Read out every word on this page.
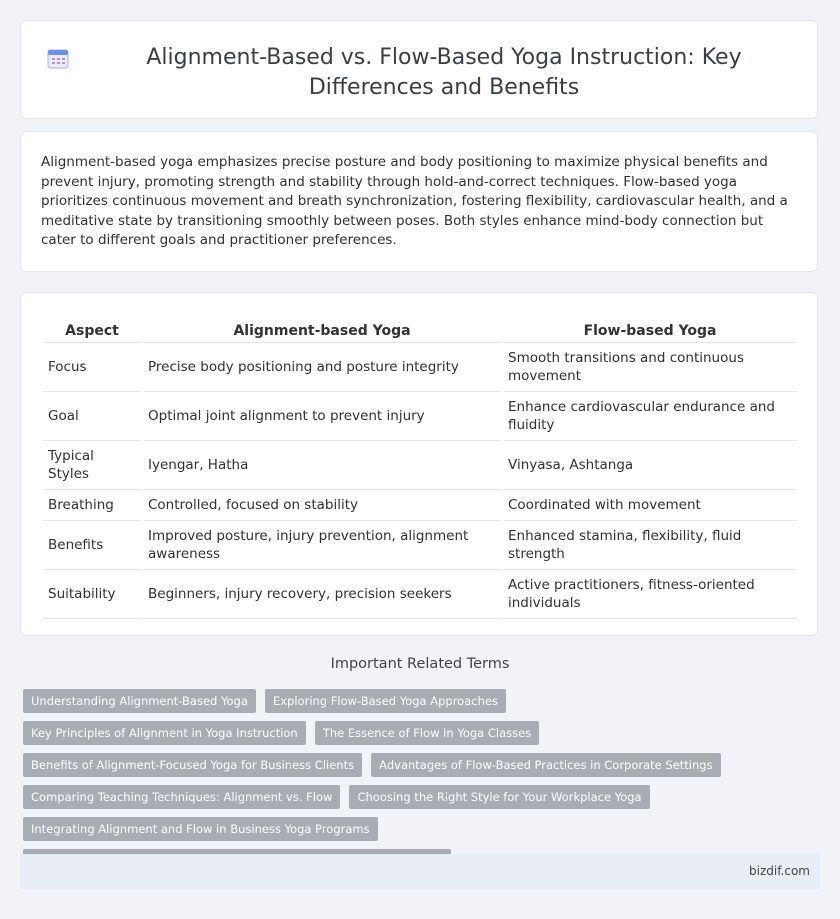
Alignment-Based vs. Flow-Based Yoga Instruction: Key Differences and Benefits

Alignment-based yoga emphasizes precise posture and body positioning to maximize physical benefits and prevent injury, promoting strength and stability through hold-and-correct techniques. Flow-based yoga prioritizes continuous movement and breath synchronization, fostering flexibility, cardiovascular health, and a meditative state by transitioning smoothly between poses. Both styles enhance mind-body connection but cater to different goals and practitioner preferences.

Aspect	Alignment-based Yoga	Flow-based Yoga
Focus	Precise body positioning and posture integrity	Smooth transitions and continuous movement
Goal	Optimal joint alignment to prevent injury	Enhance cardiovascular endurance and fluidity
Typical Styles	Iyengar, Hatha	Vinyasa, Ashtanga
Breathing	Controlled, focused on stability	Coordinated with movement
Benefits	Improved posture, injury prevention, alignment awareness	Enhanced stamina, flexibility, fluid strength
Suitability	Beginners, injury recovery, precision seekers	Active practitioners, fitness-oriented individuals
Important Related Terms
Understanding Alignment-Based Yoga Exploring Flow-Based Yoga Approaches Key Principles of Alignment in Yoga Instruction The Essence of Flow in Yoga Classes Benefits of Alignment-Focused Yoga for Business Clients Advantages of Flow-Based Practices in Corporate Settings Comparing Teaching Techniques: Alignment vs. Flow Choosing the Right Style for Your Workplace Yoga Integrating Alignment and Flow in Business Yoga Programs
bizdif.com
